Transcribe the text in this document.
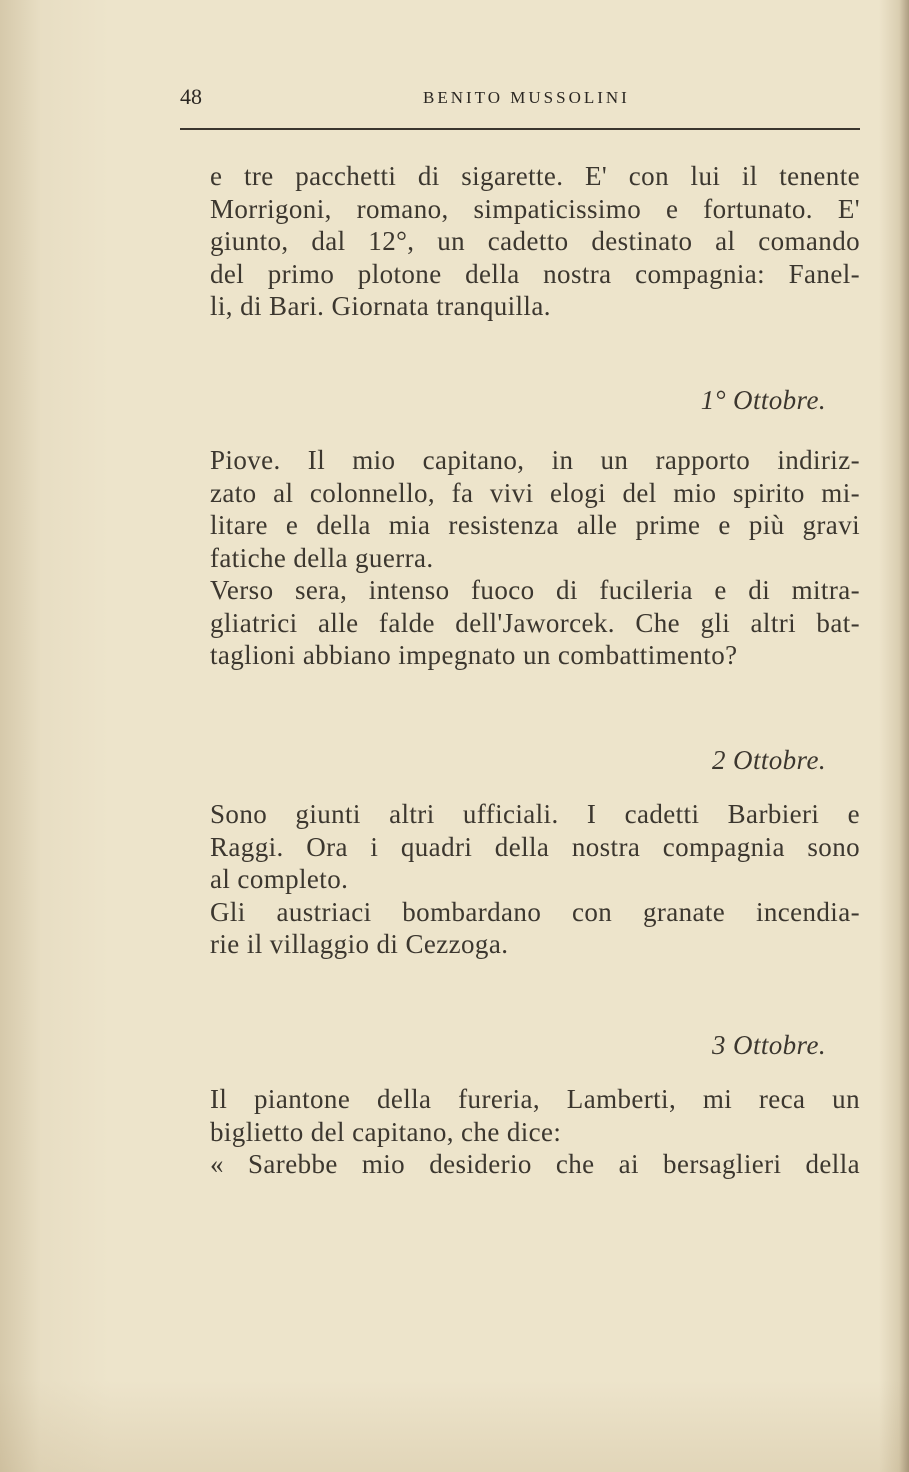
48	BENITO MUSSOLINI
e tre pacchetti di sigarette. E' con lui il tenente
Morrigoni, romano, simpaticissimo e fortunato. E'
giunto, dal 12°, un cadetto destinato al comando
del primo plotone della nostra compagnia: Fanel-
li, di Bari. Giornata tranquilla.
1° Ottobre.
Piove. Il mio capitano, in un rapporto indiriz-
zato al colonnello, fa vivi elogi del mio spirito mi-
litare e della mia resistenza alle prime e più gravi
fatiche della guerra.
Verso sera, intenso fuoco di fucileria e di mitra-
gliatrici alle falde dell'Jaworcek. Che gli altri bat-
taglioni abbiano impegnato un combattimento?
2 Ottobre.
Sono giunti altri ufficiali. I cadetti Barbieri e
Raggi. Ora i quadri della nostra compagnia sono
al completo.
Gli austriaci bombardano con granate incendia-
rie il villaggio di Cezzoga.
3 Ottobre.
Il piantone della fureria, Lamberti, mi reca un
biglietto del capitano, che dice:
« Sarebbe mio desiderio che ai bersaglieri della
